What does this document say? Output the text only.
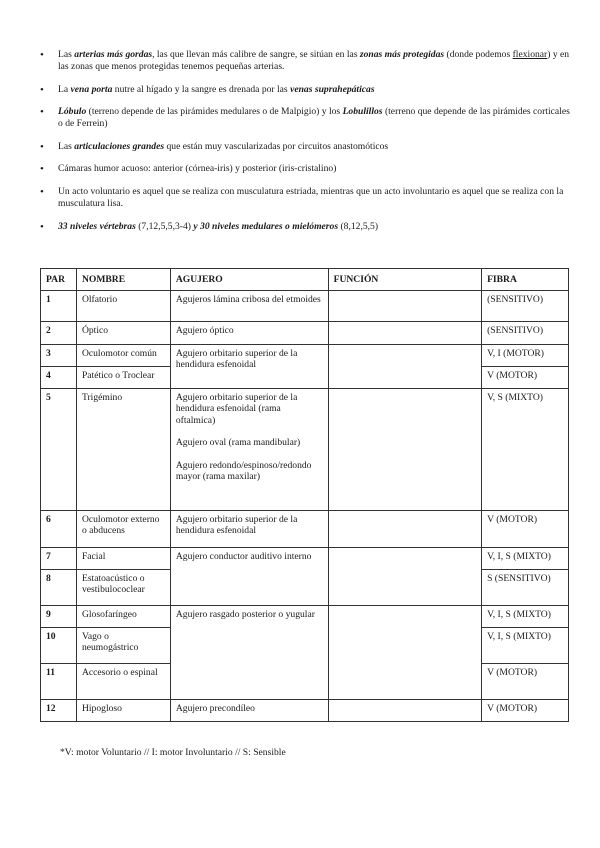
• Las arterias más gordas, las que llevan más calibre de sangre, se sitúan en las zonas más protegidas (donde podemos flexionar) y en las zonas que menos protegidas tenemos pequeñas arterias.
• La vena porta nutre al hígado y la sangre es drenada por las venas suprahepáticas
• Lóbulo (terreno depende de las pirámides medulares o de Malpigio) y los Lobulillos (terreno que depende de las pirámides corticales o de Ferrein)
• Las articulaciones grandes que están muy vascularizadas por circuitos anastomóticos
• Cámaras humor acuoso: anterior (córnea-iris) y posterior (iris-cristalino)
• Un acto voluntario es aquel que se realiza con musculatura estriada, mientras que un acto involuntario es aquel que se realiza con la musculatura lisa.
• 33 niveles vértebras (7,12,5,5,3-4) y 30 niveles medulares o mielómeros (8,12,5,5)
PAR	NOMBRE	AGUJERO	FUNCIÓN	FIBRA
1	Olfatorio	Agujeros lámina cribosa del etmoides		(SENSITIVO)
2	Óptico	Agujero óptico		(SENSITIVO)
3	Oculomotor común	Agujero orbitario superior de la hendidura esfenoidal		V, I (MOTOR)
4	Patético o Troclear			V (MOTOR)
5	Trigémino	Agujero orbitario superior de la hendidura esfenoidal (rama oftalmica)
Agujero oval (rama mandibular)
Agujero redondo/espinoso/redondo mayor (rama maxilar)		V, S (MIXTO)
6	Oculomotor externo o abducens	Agujero orbitario superior de la hendidura esfenoidal		V (MOTOR)
7	Facial	Agujero conductor auditivo interno		V, I, S (MIXTO)
8	Estatoacústico o vestibulococlear			S (SENSITIVO)
9	Glosofaríngeo	Agujero rasgado posterior o yugular		V, I, S (MIXTO)
10	Vago o neumogástrico			V, I, S (MIXTO)
11	Accesorio o espinal			V (MOTOR)
12	Hipogloso	Agujero precondíleo		V (MOTOR)
*V: motor Voluntario // I: motor Involuntario // S: Sensible
